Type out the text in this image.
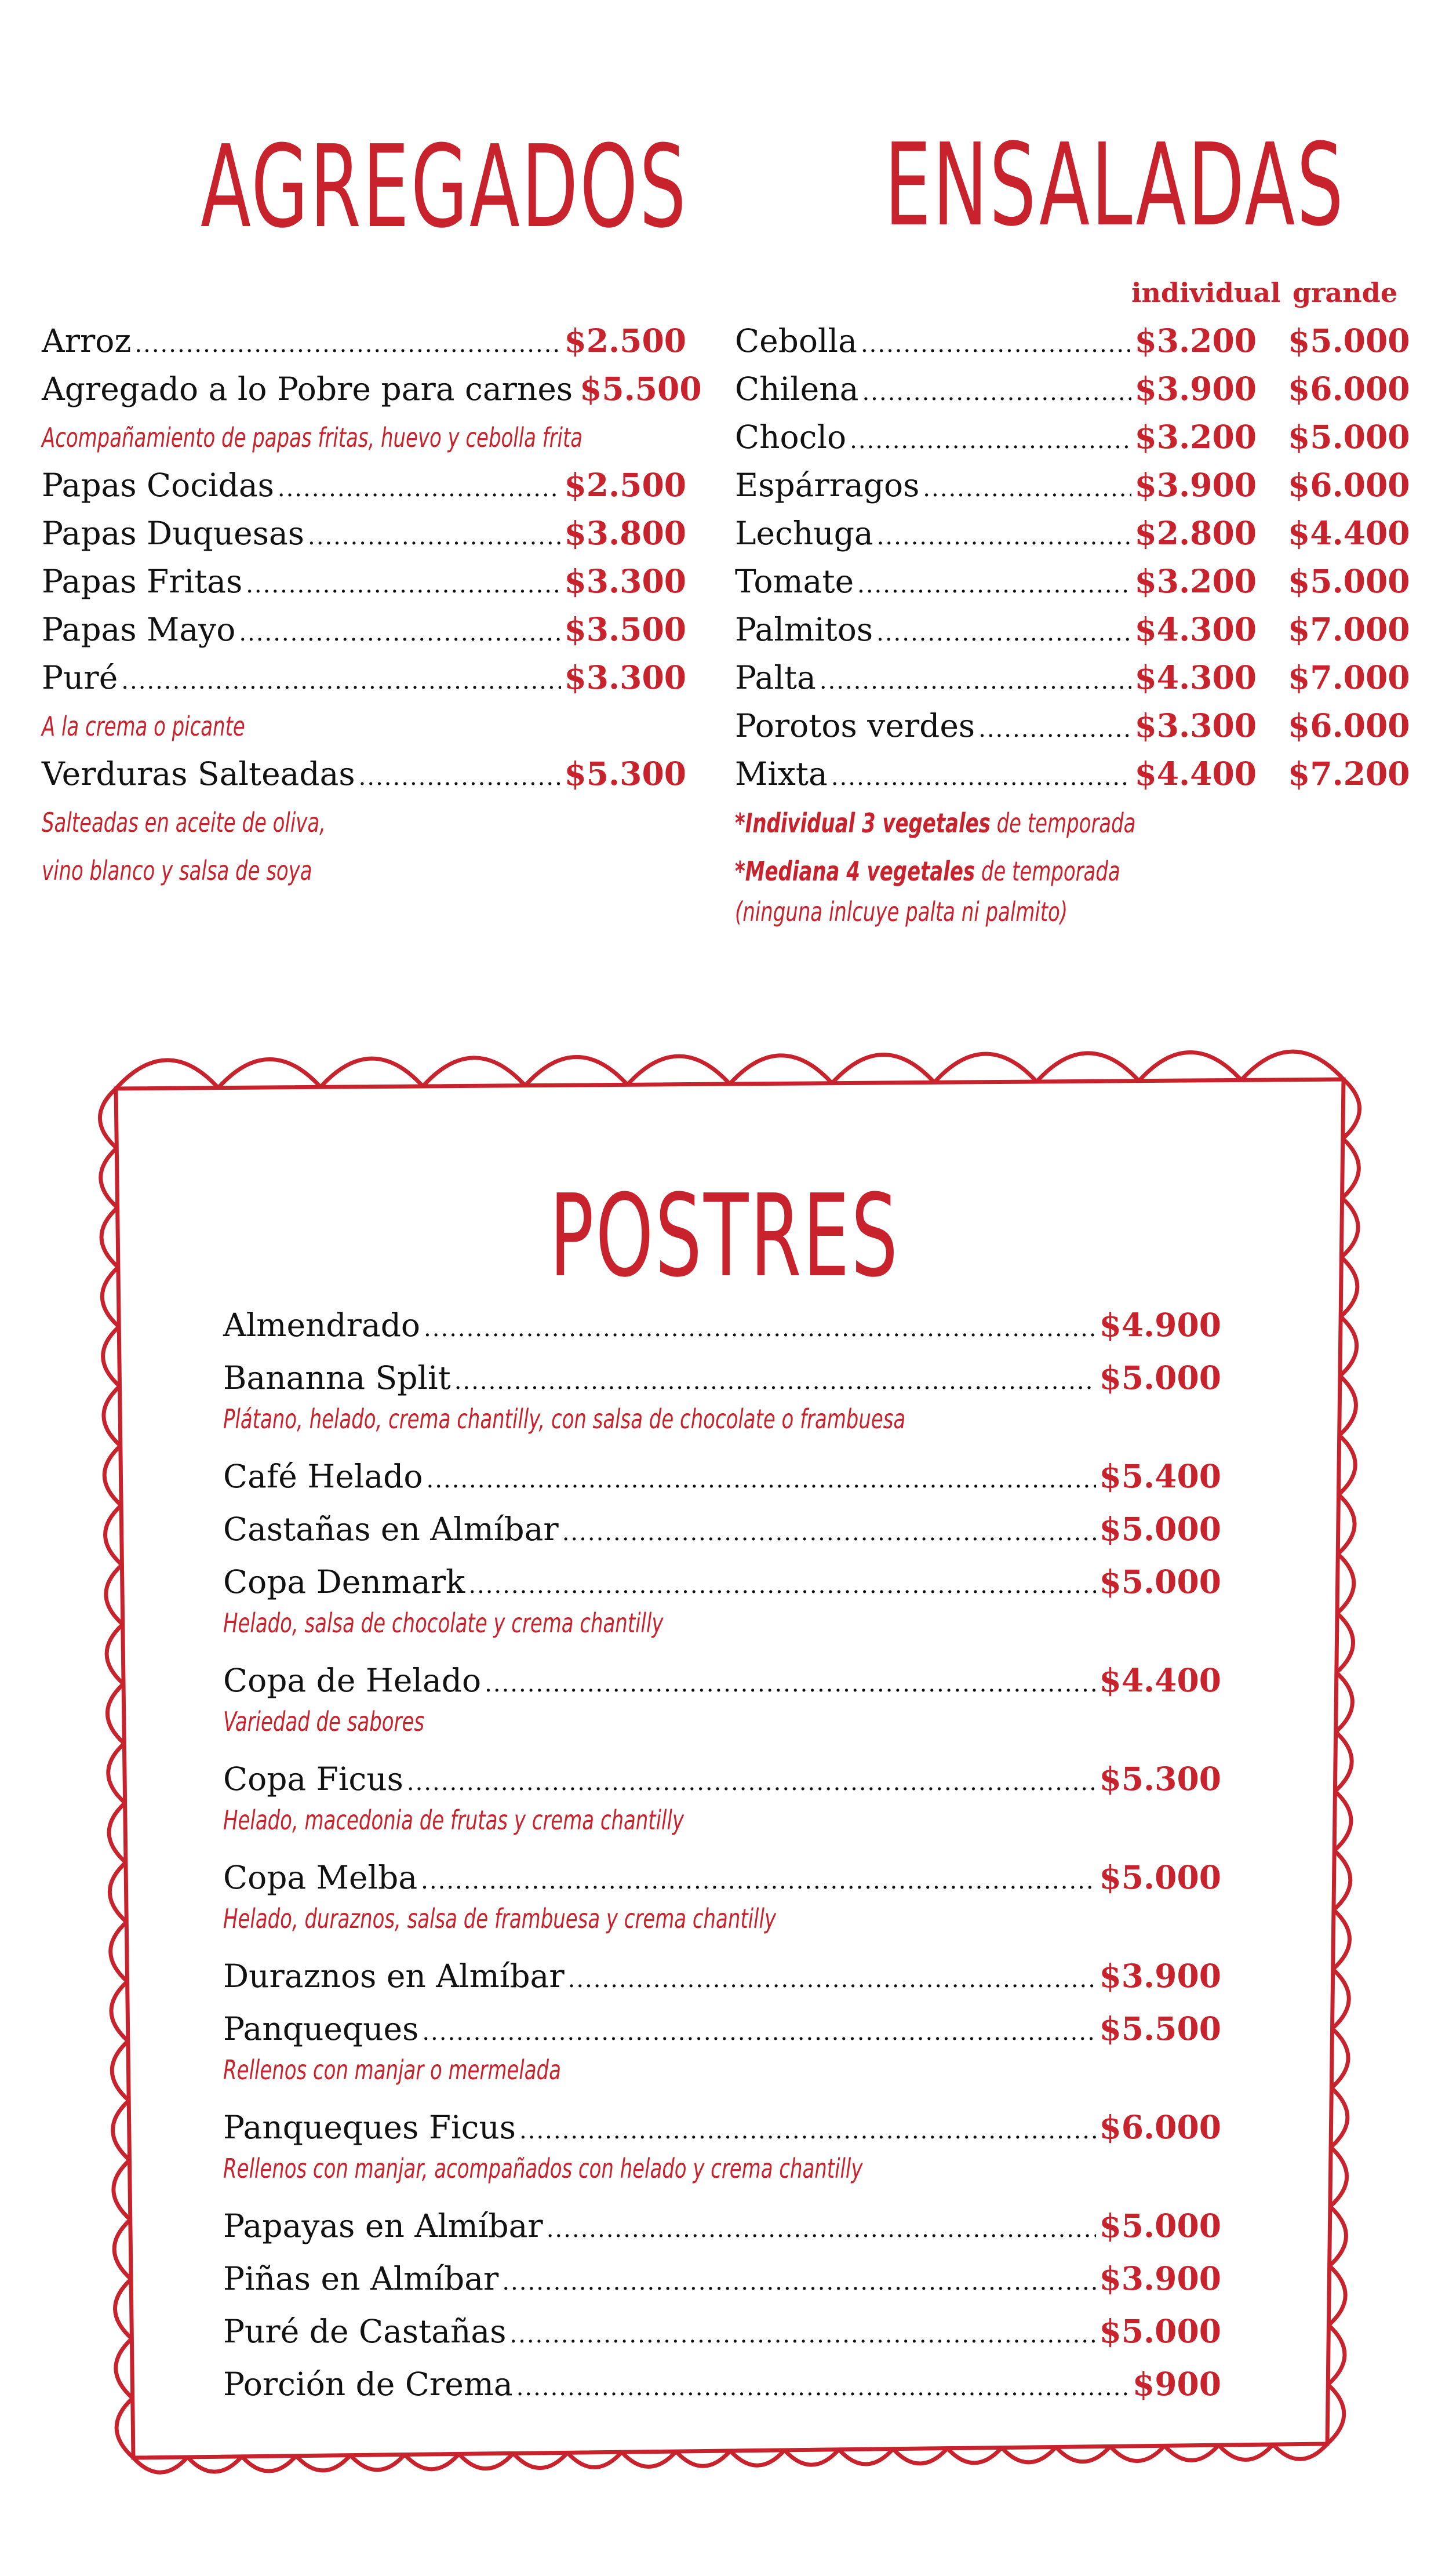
AGREGADOS
Arroz .....	$2.500
Agregado a lo Pobre para carnes $5.500
Acompañamiento de papas fritas, huevo y cebolla frita
Papas Cocidas .....	$2.500
Papas Duquesas .....	$3.800
Papas Fritas .....	$3.300
Papas Mayo .....	$3.500
Puré .....	$3.300
A la crema o picante
Verduras Salteadas .....	$5.300
Salteadas en aceite de oliva,
vino blanco y salsa de soya
ENSALADAS
individual grande
Cebolla .....	$3.200 $5.000
Chilena .....	$3.900 $6.000
Choclo .....	$3.200 $5.000
Espárragos .....	$3.900 $6.000
Lechuga .....	$2.800 $4.400
Tomate .....	$3.200 $5.000
Palmitos .....	$4.300 $7.000
Palta .....	$4.300 $7.000
Porotos verdes .....	$3.300 $6.000
Mixta .....	$4.400 $7.200
*Individual 3 vegetales de temporada
*Mediana 4 vegetales de temporada
(ninguna inlcuye palta ni palmito)
POSTRES
Almendrado .....	$4.900
Bananna Split .....	$5.000
Plátano, helado, crema chantilly, con salsa de chocolate o frambuesa
Café Helado .....	$5.400
Castañas en Almíbar .....	$5.000
Copa Denmark .....	$5.000
Helado, salsa de chocolate y crema chantilly
Copa de Helado .....	$4.400
Variedad de sabores
Copa Ficus .....	$5.300
Helado, macedonia de frutas y crema chantilly
Copa Melba .....	$5.000
Helado, duraznos, salsa de frambuesa y crema chantilly
Duraznos en Almíbar .....	$3.900
Panqueques .....	$5.500
Rellenos con manjar o mermelada
Panqueques Ficus .....	$6.000
Rellenos con manjar, acompañados con helado y crema chantilly
Papayas en Almíbar .....	$5.000
Piñas en Almíbar .....	$3.900
Puré de Castañas .....	$5.000
Porción de Crema .....	$900
